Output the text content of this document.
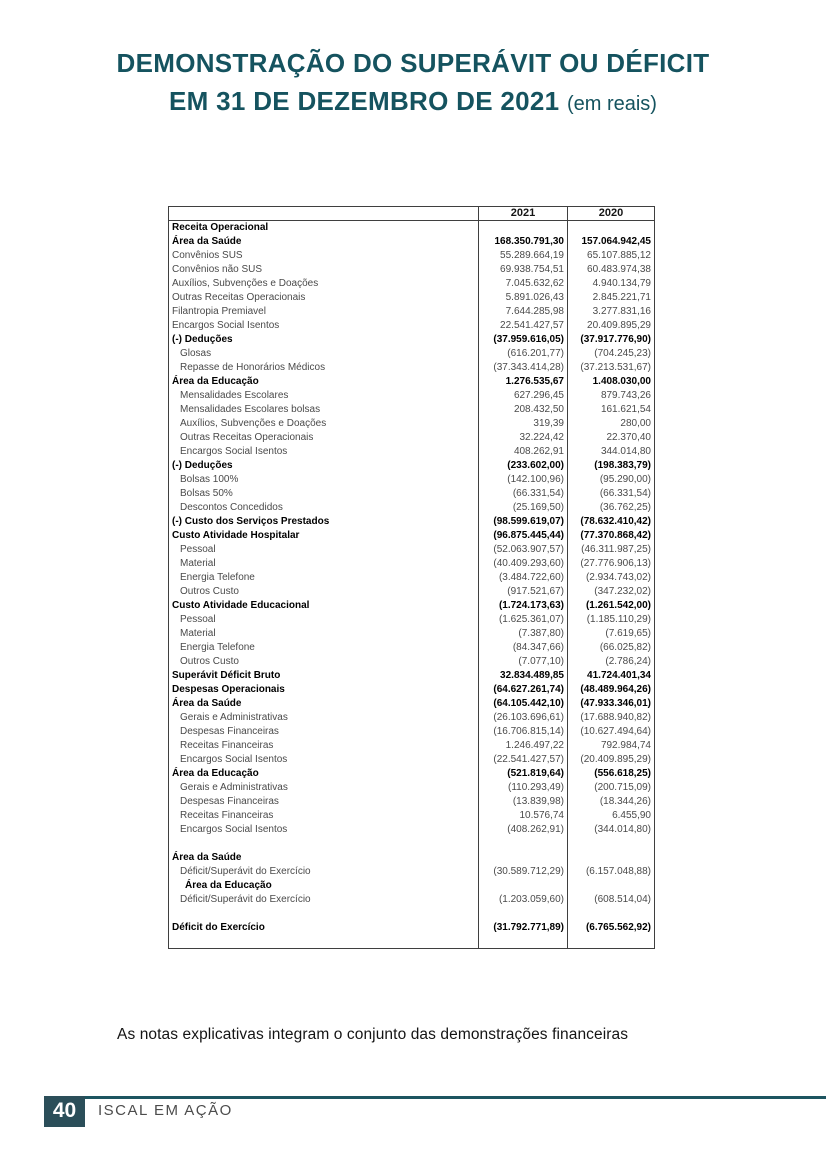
DEMONSTRAÇÃO DO SUPERÁVIT OU DÉFICIT
EM 31 DE DEZEMBRO DE 2021 (em reais)
	2021	2020
Receita Operacional		
Área da Saúde	168.350.791,30	157.064.942,45
Convênios SUS	55.289.664,19	65.107.885,12
Convênios não SUS	69.938.754,51	60.483.974,38
Auxílios, Subvenções e Doações	7.045.632,62	4.940.134,79
Outras Receitas Operacionais	5.891.026,43	2.845.221,71
Filantropia Premiavel	7.644.285,98	3.277.831,16
Encargos Social Isentos	22.541.427,57	20.409.895,29
(-) Deduções	(37.959.616,05)	(37.917.776,90)
Glosas	(616.201,77)	(704.245,23)
Repasse de Honorários Médicos	(37.343.414,28)	(37.213.531,67)
Área da Educação	1.276.535,67	1.408.030,00
Mensalidades Escolares	627.296,45	879.743,26
Mensalidades Escolares bolsas	208.432,50	161.621,54
Auxílios, Subvenções e Doações	319,39	280,00
Outras Receitas Operacionais	32.224,42	22.370,40
Encargos Social Isentos	408.262,91	344.014,80
(-) Deduções	(233.602,00)	(198.383,79)
Bolsas 100%	(142.100,96)	(95.290,00)
Bolsas 50%	(66.331,54)	(66.331,54)
Descontos Concedidos	(25.169,50)	(36.762,25)
(-) Custo dos Serviços Prestados	(98.599.619,07)	(78.632.410,42)
Custo Atividade Hospitalar	(96.875.445,44)	(77.370.868,42)
Pessoal	(52.063.907,57)	(46.311.987,25)
Material	(40.409.293,60)	(27.776.906,13)
Energia Telefone	(3.484.722,60)	(2.934.743,02)
Outros Custo	(917.521,67)	(347.232,02)
Custo Atividade Educacional	(1.724.173,63)	(1.261.542,00)
Pessoal	(1.625.361,07)	(1.185.110,29)
Material	(7.387,80)	(7.619,65)
Energia Telefone	(84.347,66)	(66.025,82)
Outros Custo	(7.077,10)	(2.786,24)
Superávit Déficit Bruto	32.834.489,85	41.724.401,34
Despesas Operacionais	(64.627.261,74)	(48.489.964,26)
Área da Saúde	(64.105.442,10)	(47.933.346,01)
Gerais e Administrativas	(26.103.696,61)	(17.688.940,82)
Despesas Financeiras	(16.706.815,14)	(10.627.494,64)
Receitas Financeiras	1.246.497,22	792.984,74
Encargos Social Isentos	(22.541.427,57)	(20.409.895,29)
Área da Educação	(521.819,64)	(556.618,25)
Gerais e Administrativas	(110.293,49)	(200.715,09)
Despesas Financeiras	(13.839,98)	(18.344,26)
Receitas Financeiras	10.576,74	6.455,90
Encargos Social Isentos	(408.262,91)	(344.014,80)

Área da Saúde		
Déficit/Superávit do Exercício	(30.589.712,29)	(6.157.048,88)
Área da Educação		
Déficit/Superávit do Exercício	(1.203.059,60)	(608.514,04)

Déficit do Exercício	(31.792.771,89)	(6.765.562,92)

As notas explicativas integram o conjunto das demonstrações financeiras
40	ISCAL EM AÇÃO
